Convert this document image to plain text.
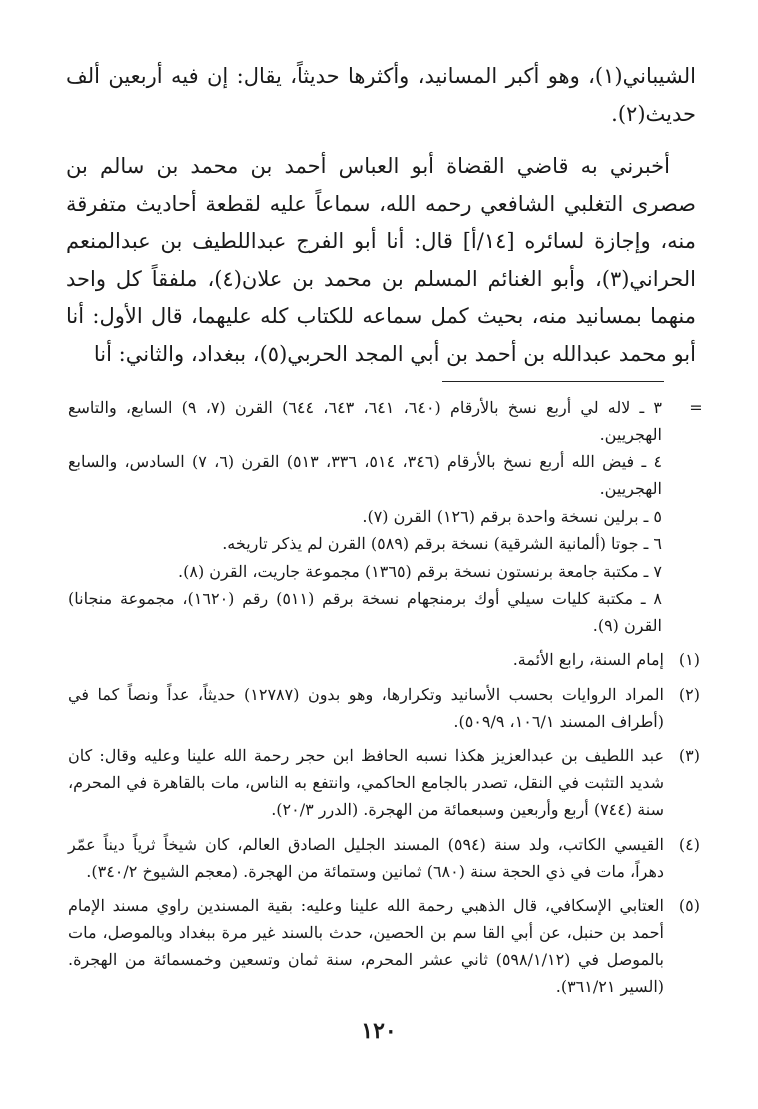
الشيباني(١)، وهو أكبر المسانيد، وأكثرها حديثاً، يقال: إن فيه أربعين ألف حديث(٢).

أخبرني به قاضي القضاة أبو العباس أحمد بن محمد بن سالم بن صصرى التغلبي الشافعي رحمه الله، سماعاً عليه لقطعة أحاديث متفرقة منه، وإجازة لسائره [١٤/أ] قال: أنا أبو الفرج عبداللطيف بن عبدالمنعم الحراني(٣)، وأبو الغنائم المسلم بن محمد بن علان(٤)، ملفقاً كل واحد منهما بمسانيد منه، بحيث كمل سماعه للكتاب كله عليهما، قال الأول: أنا أبو محمد عبدالله بن أحمد بن أبي المجد الحربي(٥)، ببغداد، والثاني: أنا

=

٣ ـ لاله لي أربع نسخ بالأرقام (٦٤٠، ٦٤١، ٦٤٣، ٦٤٤) القرن (٧، ٩) السابع، والتاسع الهجريين.

٤ ـ فيض الله أربع نسخ بالأرقام (٣٤٦، ٥١٤، ٣٣٦، ٥١٣) القرن (٦، ٧) السادس، والسابع الهجريين.

٥ ـ برلين نسخة واحدة برقم (١٢٦) القرن (٧).

٦ ـ جوتا (ألمانية الشرقية) نسخة برقم (٥٨٩) القرن لم يذكر تاريخه.

٧ ـ مكتبة جامعة برنستون نسخة برقم (١٣٦٥) مجموعة جاريت، القرن (٨).

٨ ـ مكتبة كليات سيلي أوك برمنجهام نسخة برقم (٥١١) رقم (١٦٢٠)، مجموعة منجانا) القرن (٩).

(١)
إمام السنة، رابع الأئمة.
(٢)
المراد الروايات بحسب الأسانيد وتكرارها، وهو بدون (١٢٧٨٧) حديثاً، عداً ونصاً كما في (أطراف المسند ١٠٦/١، ٥٠٩/٩).
(٣)
عبد اللطيف بن عبدالعزيز هكذا نسبه الحافظ ابن حجر رحمة الله علينا وعليه وقال: كان شديد التثبت في النقل، تصدر بالجامع الحاكمي، وانتفع به الناس، مات بالقاهرة في المحرم، سنة (٧٤٤) أربع وأربعين وسبعمائة من الهجرة. (الدرر ٢٠/٣).
(٤)
القيسي الكاتب، ولد سنة (٥٩٤) المسند الجليل الصادق العالم، كان شيخاً ثرياً ديناً عمّر دهراً، مات في ذي الحجة سنة (٦٨٠) ثمانين وستمائة من الهجرة. (معجم الشيوخ ٣٤٠/٢).
(٥)
العتابي الإسكافي، قال الذهبي رحمة الله علينا وعليه: بقية المسندين راوي مسند الإمام أحمد بن حنبل، عن أبي القا سم بن الحصين، حدث بالسند غير مرة ببغداد وبالموصل، مات بالموصل في (٥٩٨/١/١٢) ثاني عشر المحرم، سنة ثمان وتسعين وخمسمائة من الهجرة. (السير ٣٦١/٢١).
١٢٠
